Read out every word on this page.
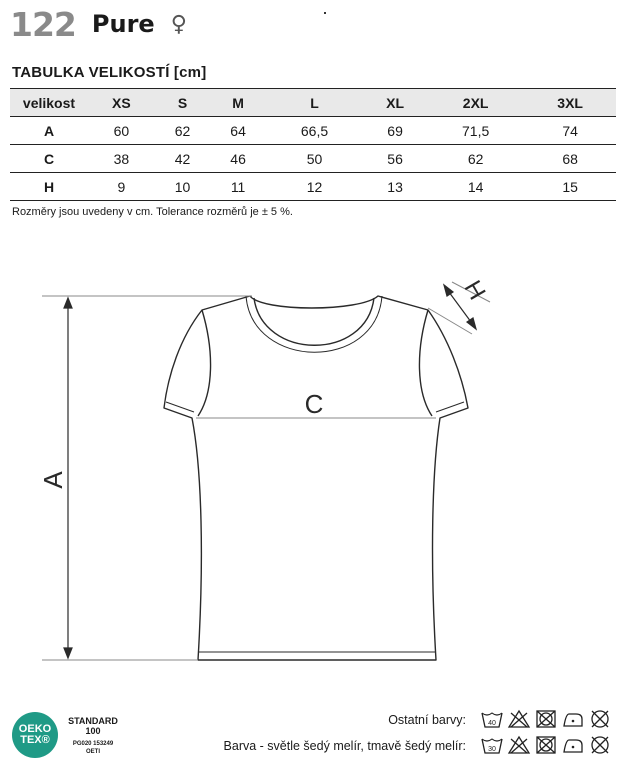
122 Pure ♀
TABULKA VELIKOSTÍ [cm]
velikost	XS	S	M	L	XL	2XL	3XL
A	60	62	64	66,5	69	71,5	74
C	38	42	46	50	56	62	68
H	9	10	11	12	13	14	15
Rozměry jsou uvedeny v cm. Tolerance rozměrů je ± 5 %.
A
C
H
OEKO
TEX®
STANDARD
100
PG020 153249
OETI
Ostatní barvy:
Barva - světle šedý melír, tmavě šedý melír:
40
30
